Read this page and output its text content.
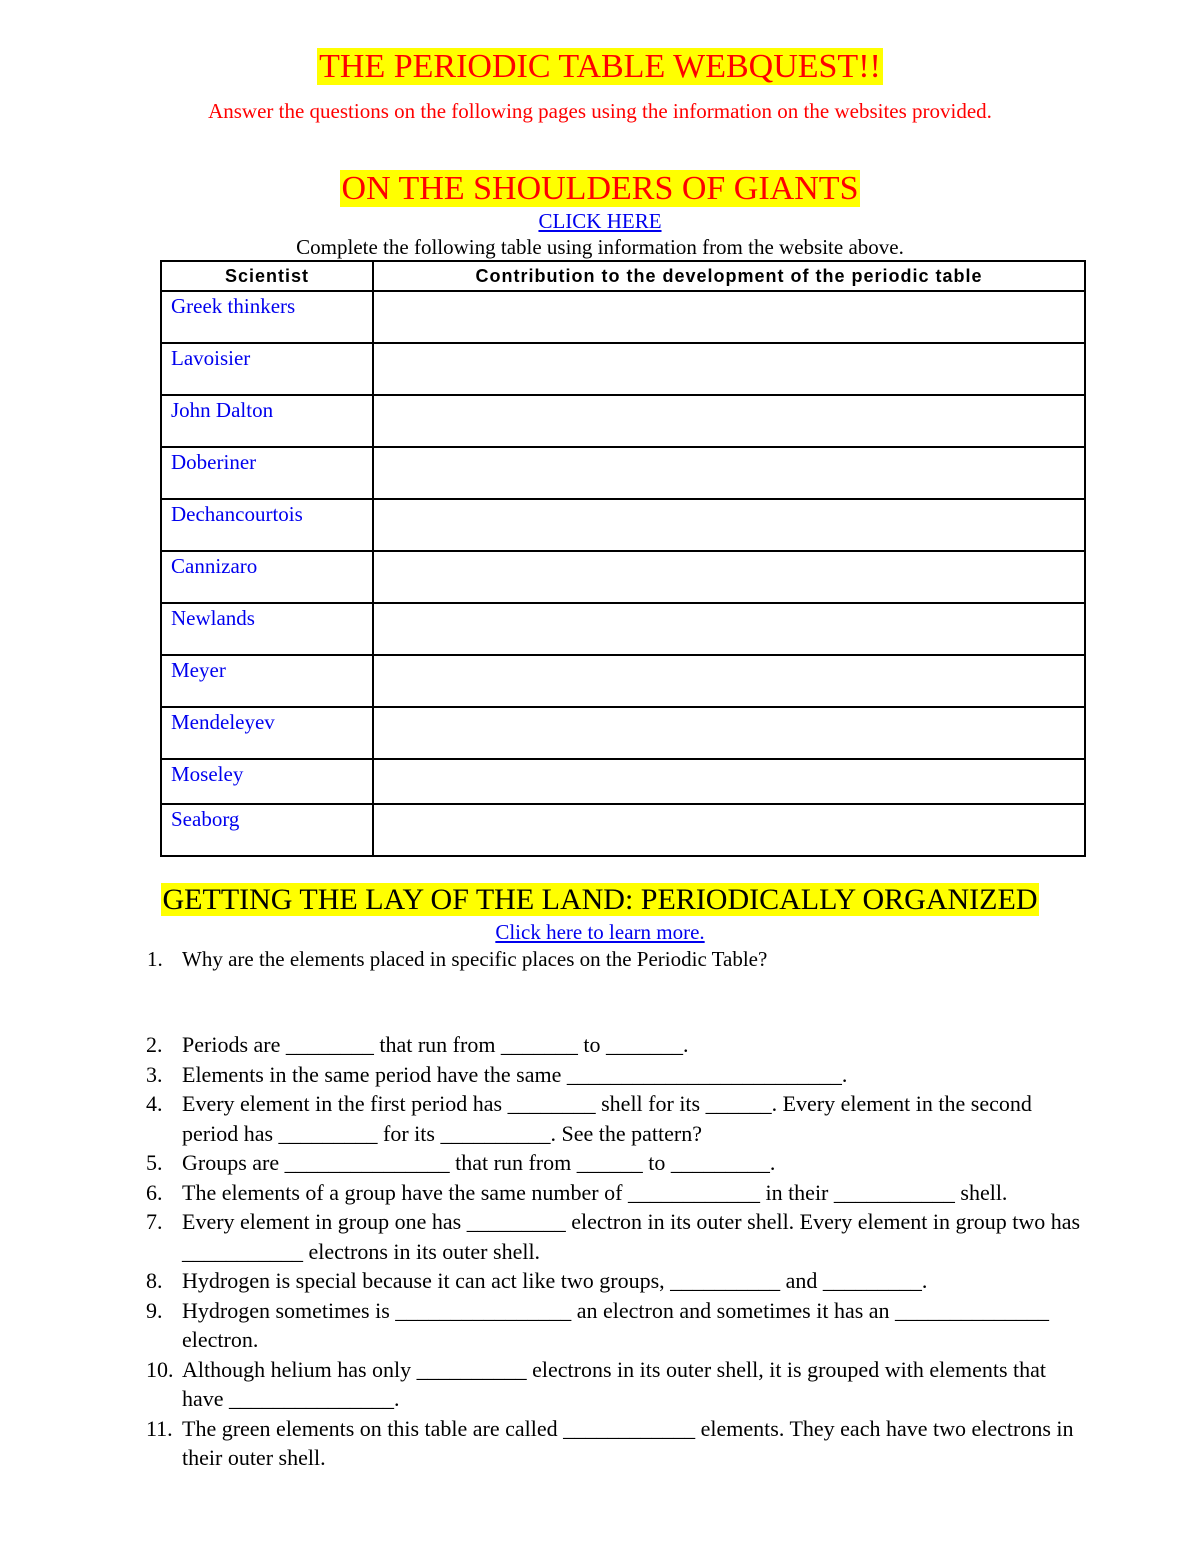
THE PERIODIC TABLE WEBQUEST!!
Answer the questions on the following pages using the information on the websites provided.
ON THE SHOULDERS OF GIANTS
CLICK HERE
Complete the following table using information from the website above.
Scientist	Contribution to the development of the periodic table
Greek thinkers	
Lavoisier	
John Dalton	
Doberiner	
Dechancourtois	
Cannizaro	
Newlands	
Meyer	
Mendeleyev	
Moseley	
Seaborg	
GETTING THE LAY OF THE LAND: PERIODICALLY ORGANIZED
Click here to learn more.
1. Why are the elements placed in specific places on the Periodic Table?
2. Periods are ________ that run from _______ to _______.
3. Elements in the same period have the same _________________________.
4. Every element in the first period has ________ shell for its ______. Every element in the second period has _________ for its __________. See the pattern?
5. Groups are _______________ that run from ______ to _________.
6. The elements of a group have the same number of ____________ in their ___________ shell.
7. Every element in group one has _________ electron in its outer shell. Every element in group two has ___________ electrons in its outer shell.
8. Hydrogen is special because it can act like two groups, __________ and _________.
9. Hydrogen sometimes is ________________ an electron and sometimes it has an ______________ electron.
10. Although helium has only __________ electrons in its outer shell, it is grouped with elements that have _______________.
11. The green elements on this table are called ____________ elements. They each have two electrons in their outer shell.
